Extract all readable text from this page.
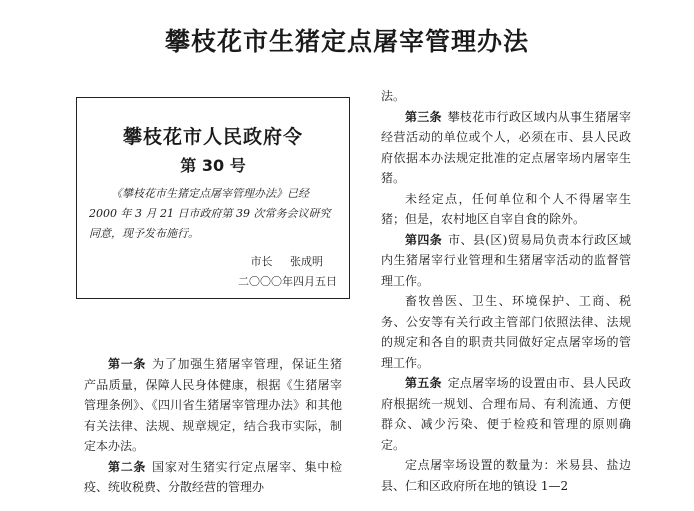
攀枝花市生猪定点屠宰管理办法
攀枝花市人民政府令
第 30 号

《攀枝花市生猪定点屠宰管理办法》已经 2000 年 3 月 21 日市政府第 39 次常务会议研究同意，现予发布施行。

市长 张成明

二〇〇〇年四月五日

第一条 为了加强生猪屠宰管理，保证生猪产品质量，保障人民身体健康，根据《生猪屠宰管理条例》、《四川省生猪屠宰管理办法》和其他有关法律、法规、规章规定，结合我市实际，制定本办法。

第二条 国家对生猪实行定点屠宰、集中检疫、统收税费、分散经营的管理办

法。

第三条 攀枝花市行政区域内从事生猪屠宰经营活动的单位或个人，必须在市、县人民政府依据本办法规定批准的定点屠宰场内屠宰生猪。

未经定点，任何单位和个人不得屠宰生猪；但是，农村地区自宰自食的除外。

第四条 市、县(区)贸易局负责本行政区域内生猪屠宰行业管理和生猪屠宰活动的监督管理工作。

畜牧兽医、卫生、环境保护、工商、税务、公安等有关行政主管部门依照法律、法规的规定和各自的职责共同做好定点屠宰场的管理工作。

第五条 定点屠宰场的设置由市、县人民政府根据统一规划、合理布局、有利流通、方便群众、减少污染、便于检疫和管理的原则确定。

定点屠宰场设置的数量为：米易县、盐边县、仁和区政府所在地的镇设 1—2
